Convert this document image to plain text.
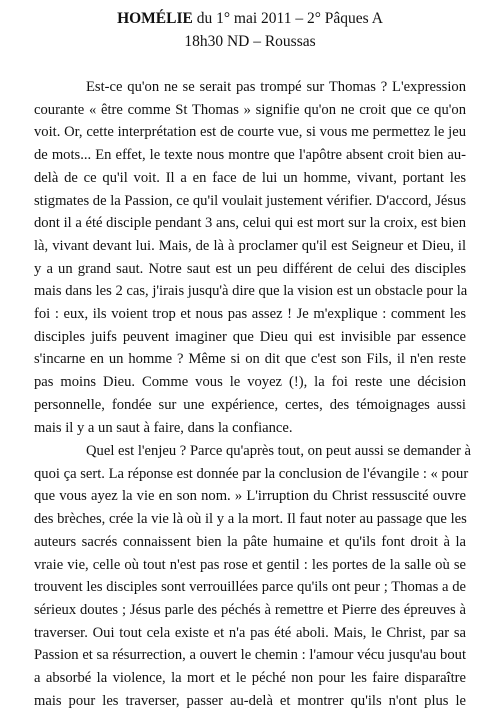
HOMÉLIE du 1° mai 2011 – 2° Pâques A
18h30 ND – Roussas
Est-ce qu'on ne se serait pas trompé sur Thomas ? L'expression
courante « être comme St Thomas » signifie qu'on ne croit que ce qu'on
voit. Or, cette interprétation est de courte vue, si vous me permettez le jeu
de mots... En effet, le texte nous montre que l'apôtre absent croit bien au-
delà de ce qu'il voit. Il a en face de lui un homme, vivant, portant les
stigmates de la Passion, ce qu'il voulait justement vérifier. D'accord, Jésus
dont il a été disciple pendant 3 ans, celui qui est mort sur la croix, est bien
là, vivant devant lui. Mais, de là à proclamer qu'il est Seigneur et Dieu, il
y a un grand saut. Notre saut est un peu différent de celui des disciples
mais dans les 2 cas, j'irais jusqu'à dire que la vision est un obstacle pour la
foi : eux, ils voient trop et nous pas assez ! Je m'explique : comment les
disciples juifs peuvent imaginer que Dieu qui est invisible par essence
s'incarne en un homme ? Même si on dit que c'est son Fils, il n'en reste
pas moins Dieu. Comme vous le voyez (!), la foi reste une décision
personnelle, fondée sur une expérience, certes, des témoignages aussi
mais il y a un saut à faire, dans la confiance.
Quel est l'enjeu ? Parce qu'après tout, on peut aussi se demander à
quoi ça sert. La réponse est donnée par la conclusion de l'évangile : « pour
que vous ayez la vie en son nom. » L'irruption du Christ ressuscité ouvre
des brèches, crée la vie là où il y a la mort. Il faut noter au passage que les
auteurs sacrés connaissent bien la pâte humaine et qu'ils font droit à la
vraie vie, celle où tout n'est pas rose et gentil : les portes de la salle où se
trouvent les disciples sont verrouillées parce qu'ils ont peur ; Thomas a de
sérieux doutes ; Jésus parle des péchés à remettre et Pierre des épreuves à
traverser. Oui tout cela existe et n'a pas été aboli. Mais, le Christ, par sa
Passion et sa résurrection, a ouvert le chemin : l'amour vécu jusqu'au bout
a absorbé la violence, la mort et le péché non pour les faire disparaître
mais pour les traverser, passer au-delà et montrer qu'ils n'ont plus le
